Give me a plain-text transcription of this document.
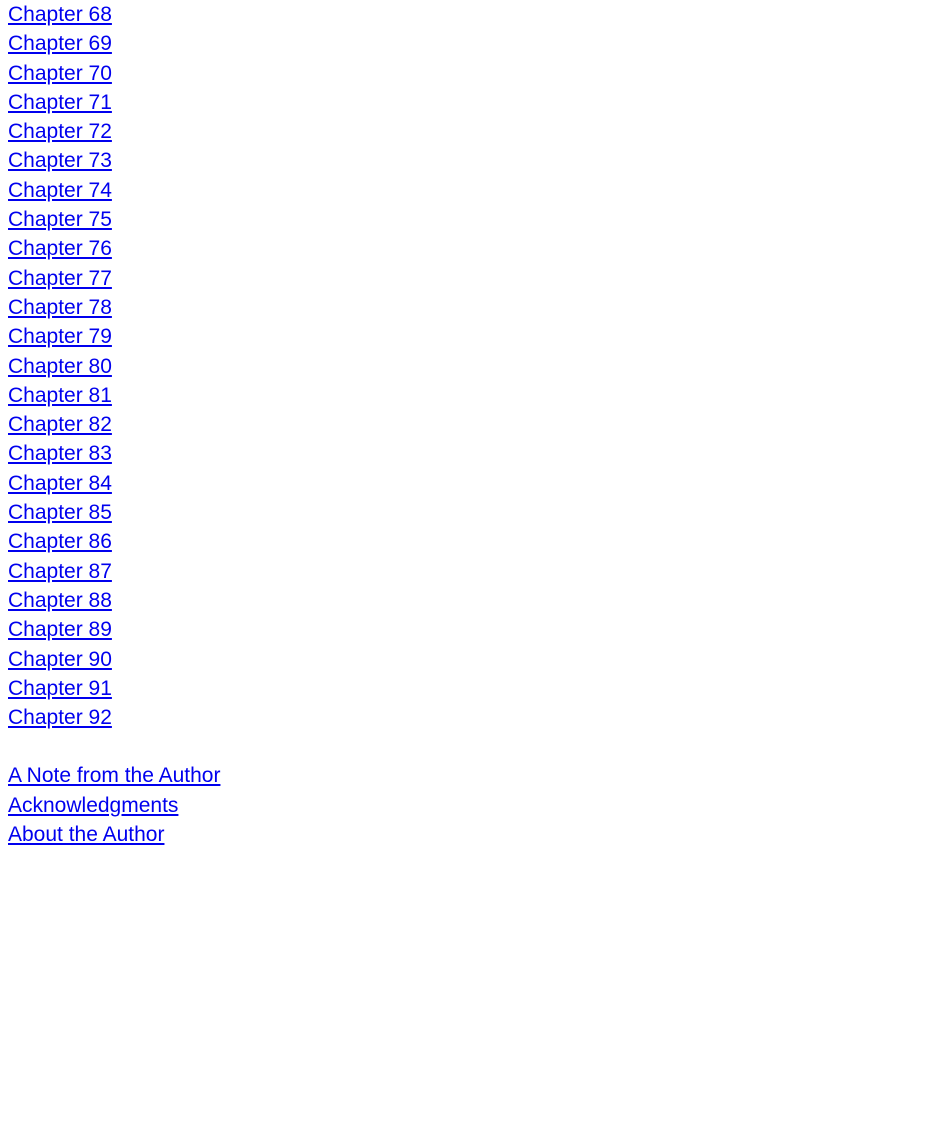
Chapter 68
Chapter 69
Chapter 70
Chapter 71
Chapter 72
Chapter 73
Chapter 74
Chapter 75
Chapter 76
Chapter 77
Chapter 78
Chapter 79
Chapter 80
Chapter 81
Chapter 82
Chapter 83
Chapter 84
Chapter 85
Chapter 86
Chapter 87
Chapter 88
Chapter 89
Chapter 90
Chapter 91
Chapter 92
A Note from the Author
Acknowledgments
About the Author
